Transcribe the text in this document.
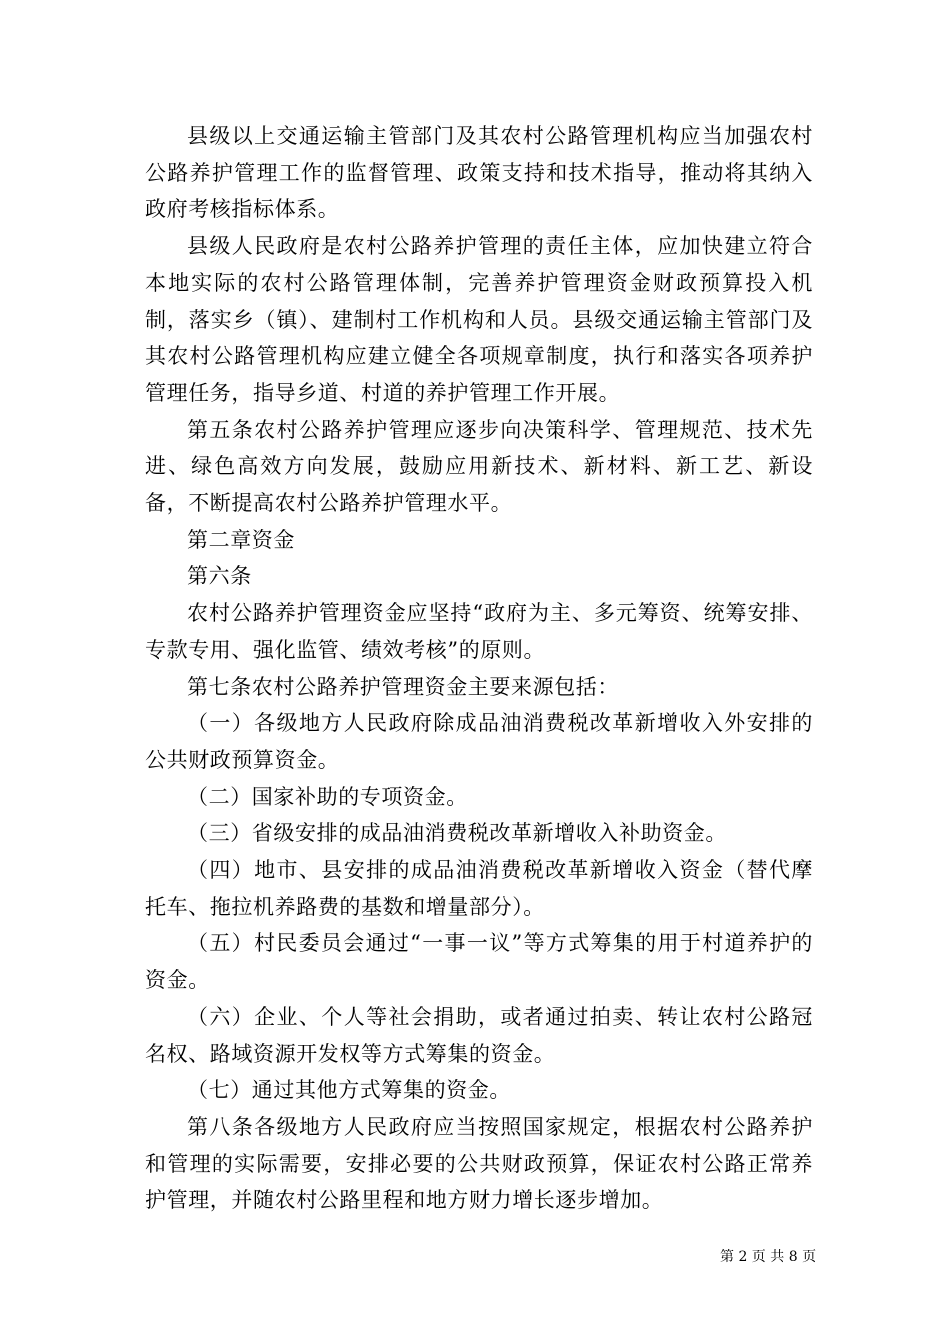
县级以上交通运输主管部门及其农村公路管理机构应当加强农村公路养护管理工作的监督管理、政策支持和技术指导，推动将其纳入政府考核指标体系。

县级人民政府是农村公路养护管理的责任主体，应加快建立符合本地实际的农村公路管理体制，完善养护管理资金财政预算投入机制，落实乡（镇）、建制村工作机构和人员。县级交通运输主管部门及其农村公路管理机构应建立健全各项规章制度，执行和落实各项养护管理任务，指导乡道、村道的养护管理工作开展。

第五条农村公路养护管理应逐步向决策科学、管理规范、技术先进、绿色高效方向发展，鼓励应用新技术、新材料、新工艺、新设备，不断提高农村公路养护管理水平。

第二章资金

第六条

农村公路养护管理资金应坚持“政府为主、多元筹资、统筹安排、专款专用、强化监管、绩效考核”的原则。

第七条农村公路养护管理资金主要来源包括：

（一）各级地方人民政府除成品油消费税改革新增收入外安排的公共财政预算资金。

（二）国家补助的专项资金。

（三）省级安排的成品油消费税改革新增收入补助资金。

（四）地市、县安排的成品油消费税改革新增收入资金（替代摩托车、拖拉机养路费的基数和增量部分）。

（五）村民委员会通过“一事一议”等方式筹集的用于村道养护的资金。

（六）企业、个人等社会捐助，或者通过拍卖、转让农村公路冠名权、路域资源开发权等方式筹集的资金。

（七）通过其他方式筹集的资金。

第八条各级地方人民政府应当按照国家规定，根据农村公路养护和管理的实际需要，安排必要的公共财政预算，保证农村公路正常养护管理，并随农村公路里程和地方财力增长逐步增加。

第 2 页 共 8 页
